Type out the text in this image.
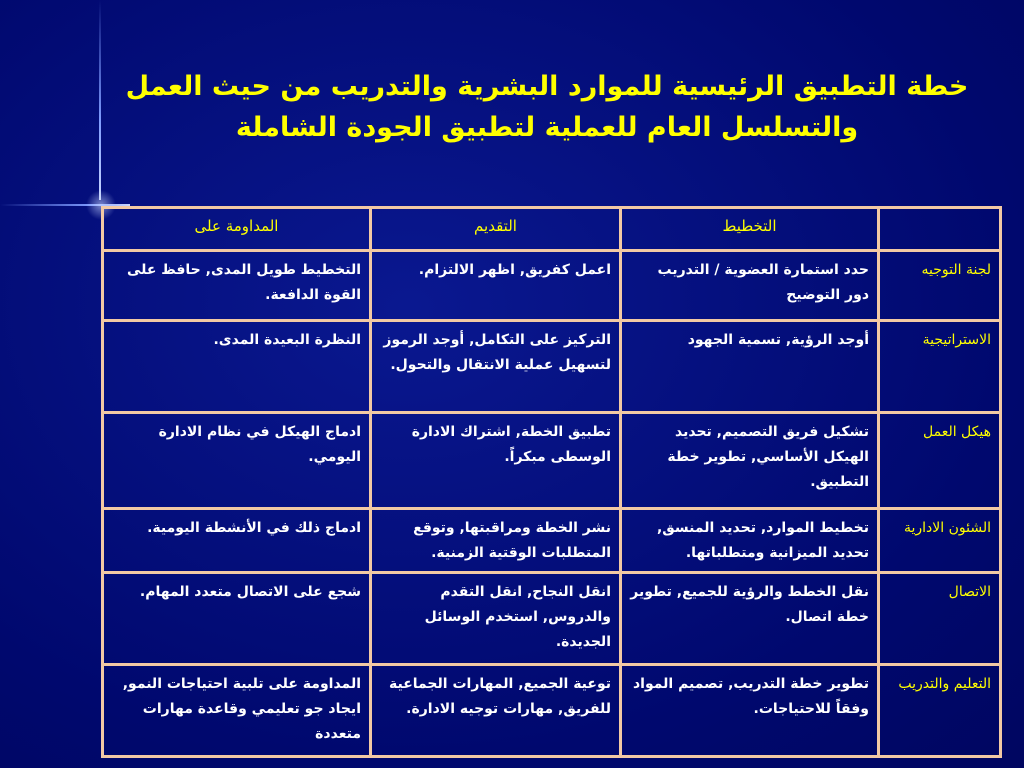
خطة التطبيق الرئيسية للموارد البشرية والتدريب من حيث العمل
والتسلسل العام للعملية لتطبيق الجودة الشاملة
	التخطيط	التقديم	المداومة على
لجنة التوجيه	حدد استمارة العضوية / التدريب دور التوضيح	اعمل كفريق, اظهر الالتزام.	التخطيط طويل المدى, حافظ على القوة الدافعة.
الاستراتيجية	أوجد الرؤية, تسمية الجهود	التركيز على التكامل, أوجد الرموز لتسهيل عملية الانتقال والتحول.	النظرة البعيدة المدى.
هيكل العمل	تشكيل فريق التصميم, تحديد الهيكل الأساسي, تطوير خطة التطبيق.	تطبيق الخطة, اشتراك الادارة الوسطى مبكراً.	ادماج الهيكل في نظام الادارة اليومي.
الشئون الادارية	تخطيط الموارد, تحديد المنسق, تحديد الميزانية ومتطلباتها.	نشر الخطة ومراقبتها, وتوقع المتطلبات الوقتية الزمنية.	ادماج ذلك في الأنشطة اليومية.
الاتصال	نقل الخطط والرؤية للجميع, تطوير خطة اتصال.	انقل النجاح, انقل التقدم والدروس, استخدم الوسائل الجديدة.	شجع على الاتصال متعدد المهام.
التعليم والتدريب	تطوير خطة التدريب, تصميم المواد وفقاً للاحتياجات.	توعية الجميع, المهارات الجماعية للفريق, مهارات توجيه الادارة.	المداومة على تلبية احتياجات النمو, ايجاد جو تعليمي وقاعدة مهارات متعددة
